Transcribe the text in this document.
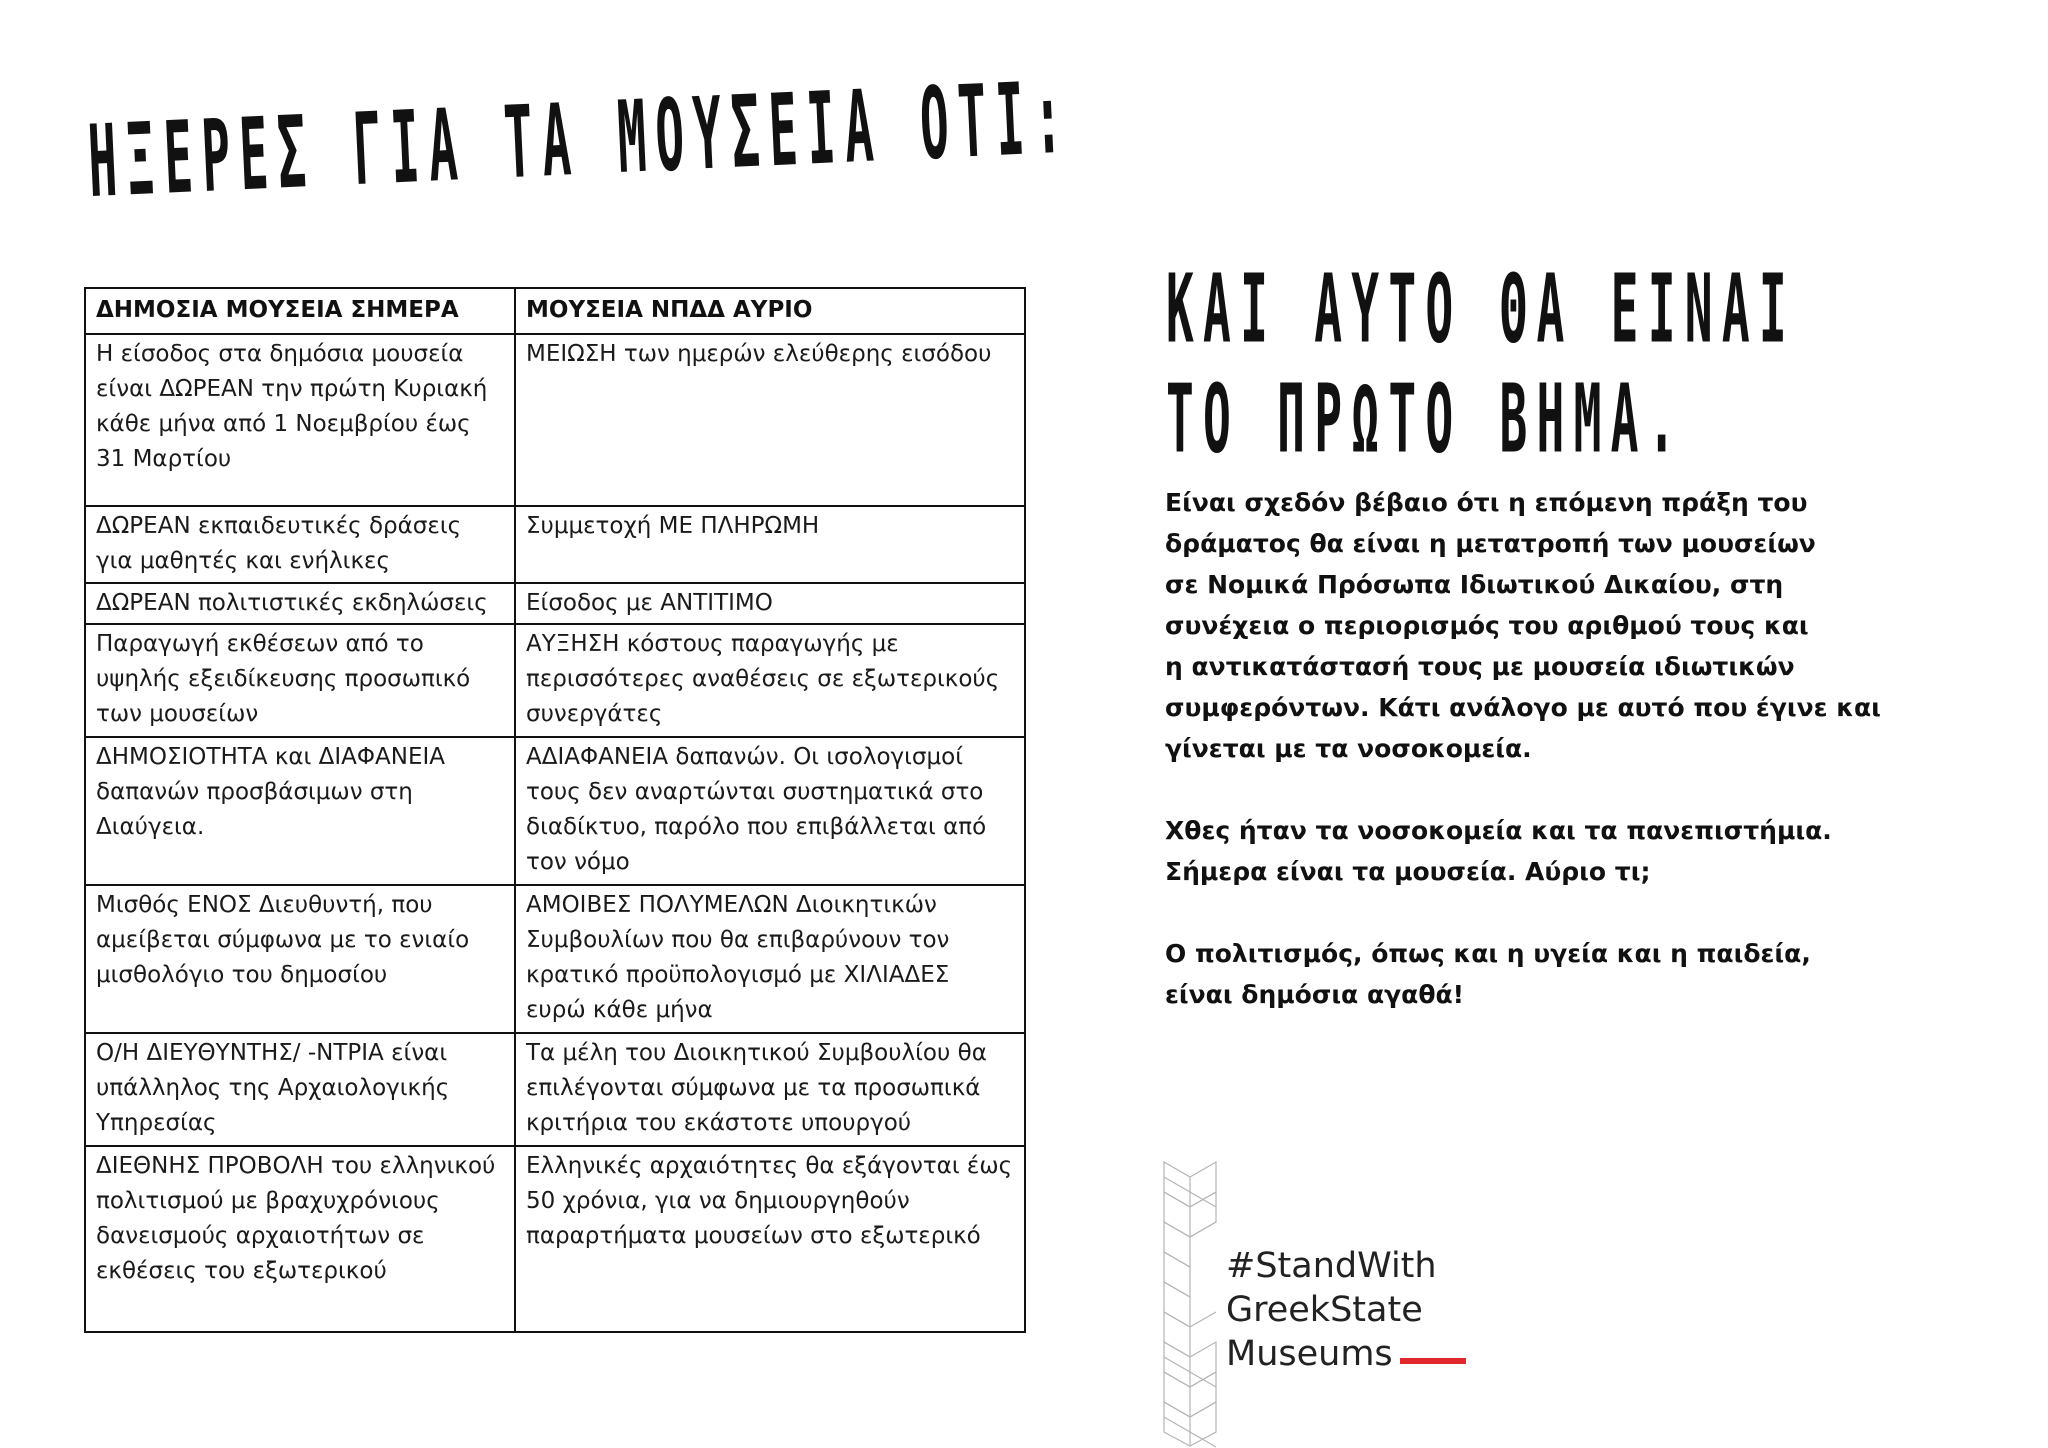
ΗΞΕΡΕΣ ΓΙΑ ΤΑ ΜΟΥΣΕΙΑ ΟΤΙ:
ΔΗΜΟΣΙΑ ΜΟΥΣΕΙΑ ΣΗΜΕΡΑ	ΜΟΥΣΕΙΑ ΝΠΔΔ ΑΥΡΙΟ
Η είσοδος στα δημόσια μουσεία είναι ΔΩΡΕΑΝ την πρώτη Κυριακή κάθε μήνα από 1 Νοεμβρίου έως 31 Μαρτίου	ΜΕΙΩΣΗ των ημερών ελεύθερης εισόδου
ΔΩΡΕΑΝ εκπαιδευτικές δράσεις για μαθητές και ενήλικες	Συμμετοχή ΜΕ ΠΛΗΡΩΜΗ
ΔΩΡΕΑΝ πολιτιστικές εκδηλώσεις	Είσοδος με ΑΝΤΙΤΙΜΟ
Παραγωγή εκθέσεων από το υψηλής εξειδίκευσης προσωπικό των μουσείων	ΑΥΞΗΣΗ κόστους παραγωγής με περισσότερες αναθέσεις σε εξωτερικούς συνεργάτες
ΔΗΜΟΣΙΟΤΗΤΑ και ΔΙΑΦΑΝΕΙΑ δαπανών προσβάσιμων στη Διαύγεια.	ΑΔΙΑΦΑΝΕΙΑ δαπανών. Οι ισολογισμοί τους δεν αναρτώνται συστηματικά στο διαδίκτυο, παρόλο που επιβάλλεται από τον νόμο
Μισθός ΕΝΟΣ Διευθυντή, που αμείβεται σύμφωνα με το ενιαίο μισθολόγιο του δημοσίου	ΑΜΟΙΒΕΣ ΠΟΛΥΜΕΛΩΝ Διοικητικών Συμβουλίων που θα επιβαρύνουν τον κρατικό προϋπολογισμό με ΧΙΛΙΑΔΕΣ ευρώ κάθε μήνα
Ο/Η ΔΙΕΥΘΥΝΤΗΣ/ -ΝΤΡΙΑ είναι υπάλληλος της Αρχαιολογικής Υπηρεσίας	Τα μέλη του Διοικητικού Συμβουλίου θα επιλέγονται σύμφωνα με τα προσωπικά κριτήρια του εκάστοτε υπουργού
ΔΙΕΘΝΗΣ ΠΡΟΒΟΛΗ του ελληνικού πολιτισμού με βραχυχρόνιους δανεισμούς αρχαιοτήτων σε εκθέσεις του εξωτερικού	Ελληνικές αρχαιότητες θα εξάγονται έως 50 χρόνια, για να δημιουργηθούν παραρτήματα μουσείων στο εξωτερικό
ΚΑΙ ΑΥΤΟ ΘΑ ΕΙΝΑΙ
ΤΟ ΠΡΩΤΟ ΒΗΜΑ.

Είναι σχεδόν βέβαιο ότι η επόμενη πράξη του
δράματος θα είναι η μετατροπή των μουσείων
σε Νομικά Πρόσωπα Ιδιωτικού Δικαίου, στη
συνέχεια ο περιορισμός του αριθμού τους και
η αντικατάστασή τους με μουσεία ιδιωτικών
συμφερόντων. Κάτι ανάλογο με αυτό που έγινε και
γίνεται με τα νοσοκομεία.

Χθες ήταν τα νοσοκομεία και τα πανεπιστήμια.
Σήμερα είναι τα μουσεία. Αύριο τι;

Ο πολιτισμός, όπως και η υγεία και η παιδεία,
είναι δημόσια αγαθά!

#StandWith
GreekState
Museums
